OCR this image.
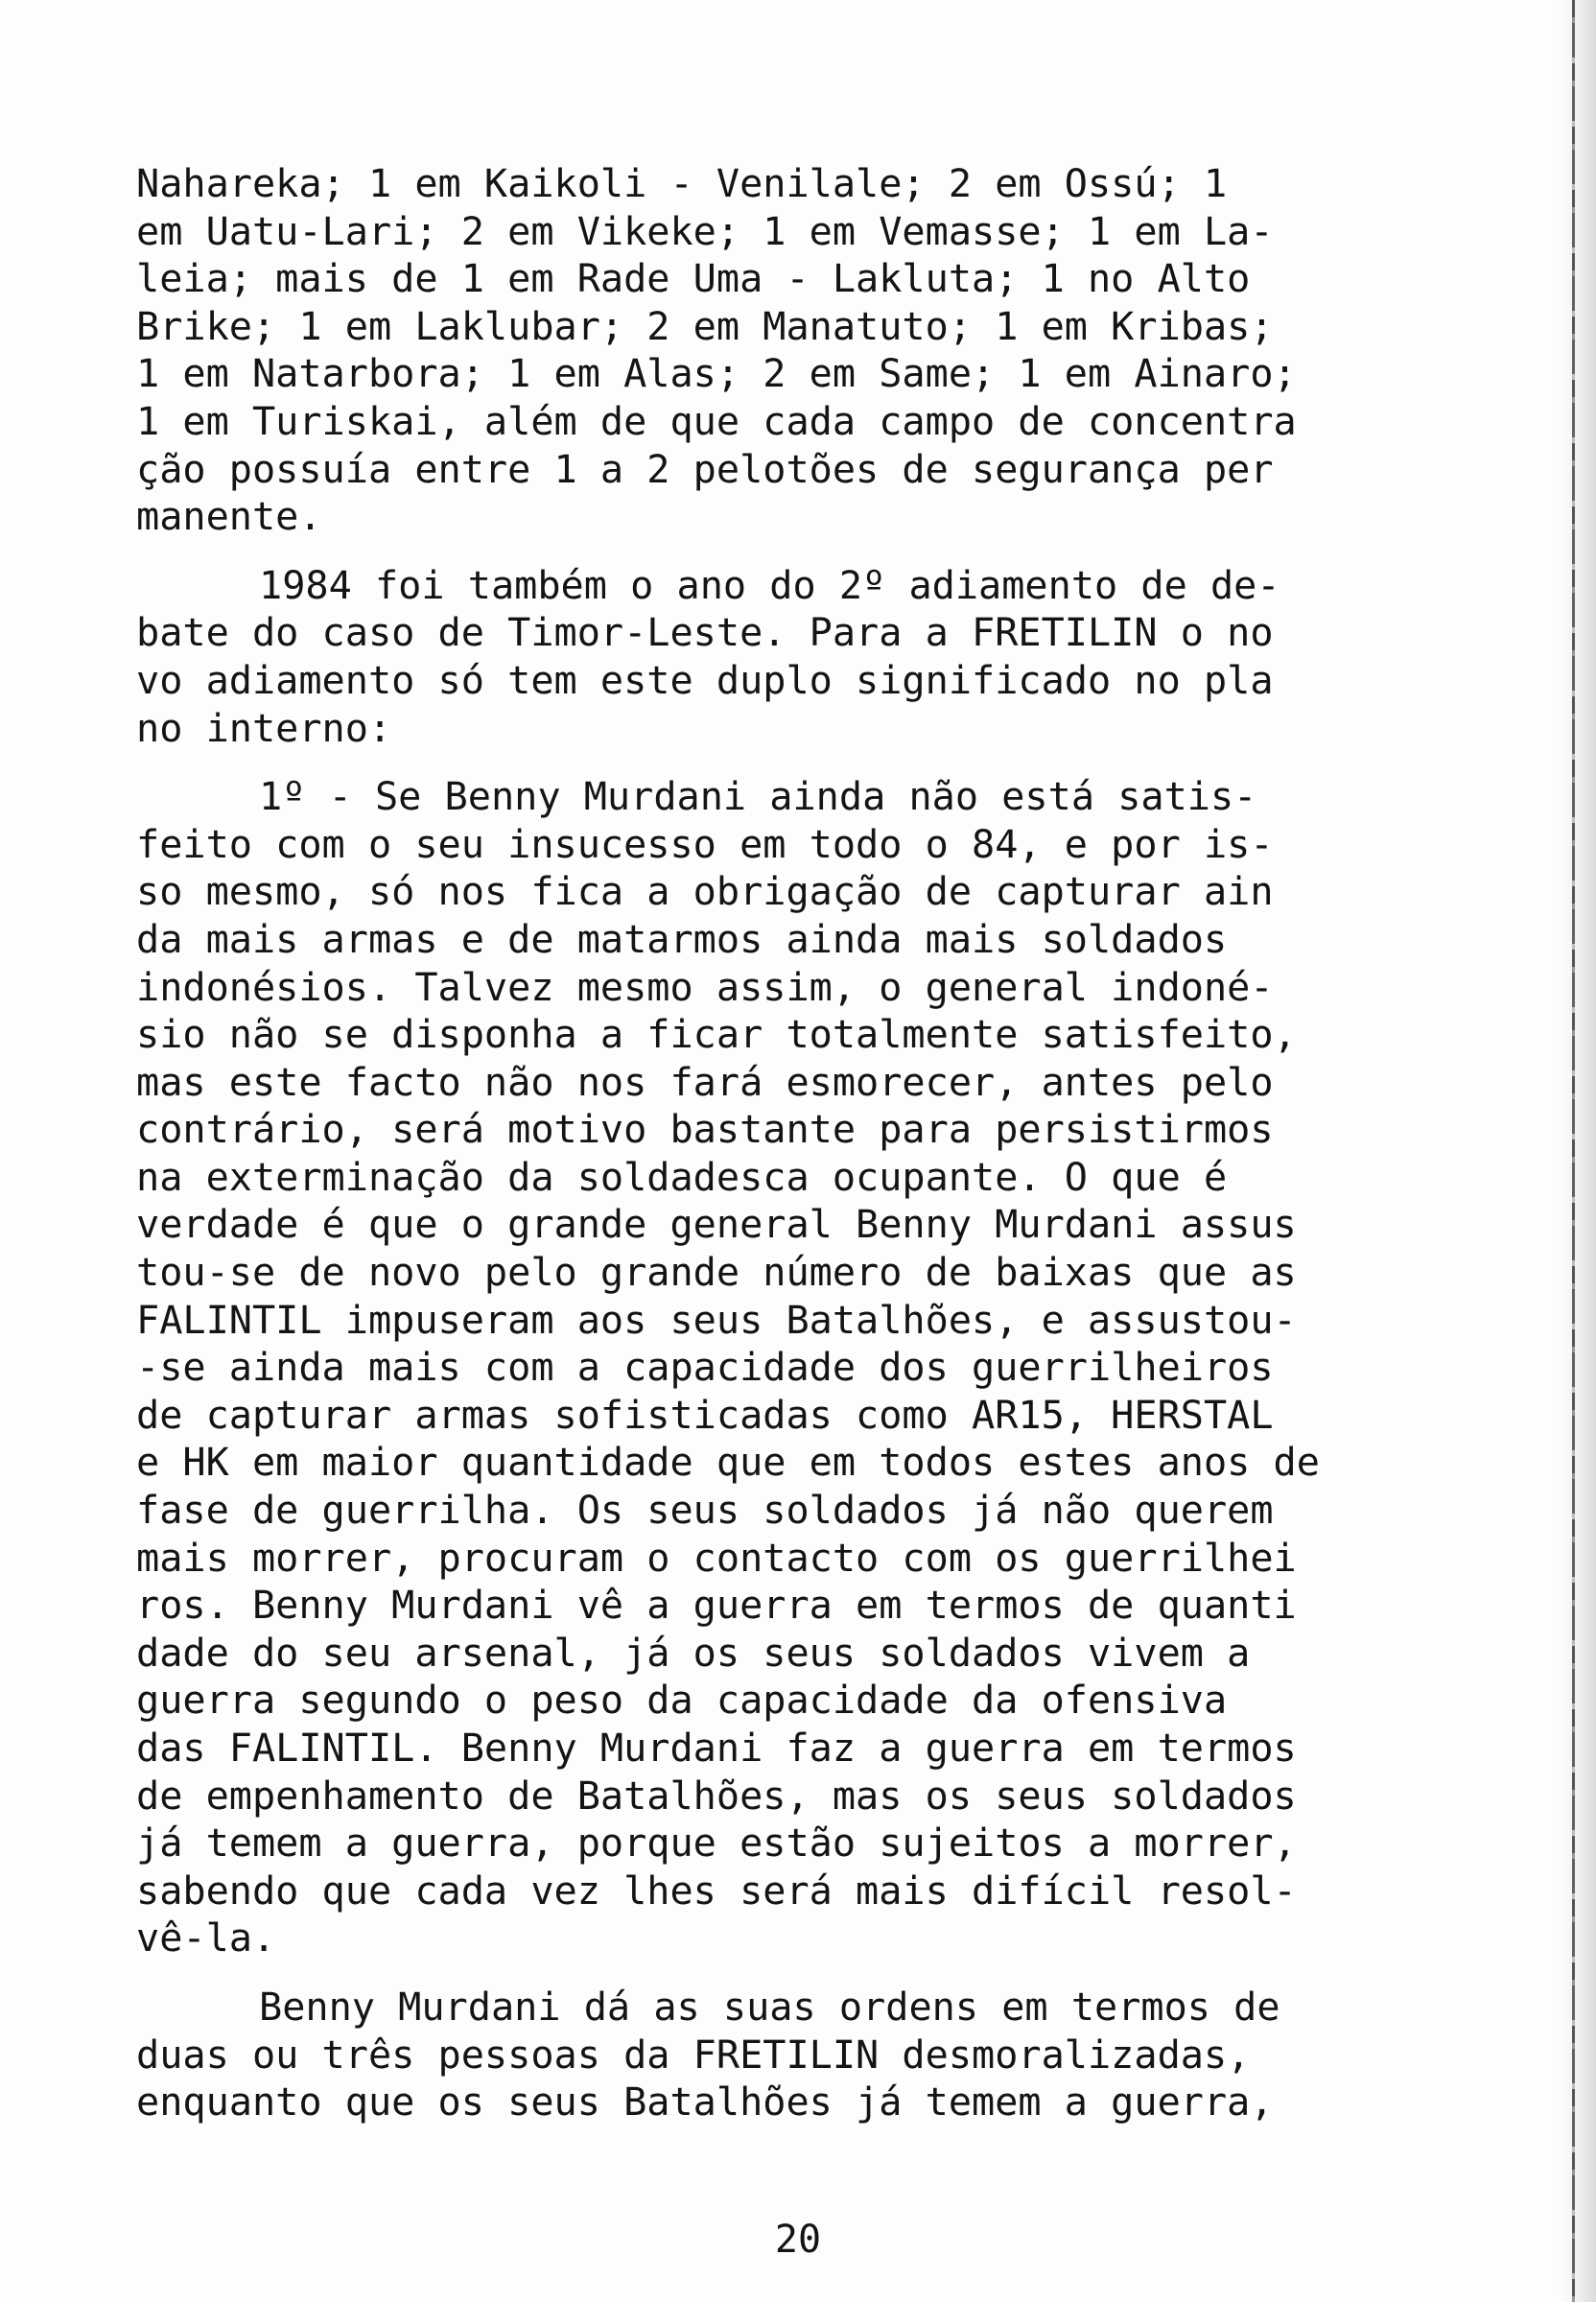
Nahareka; 1 em Kaikoli - Venilale; 2 em Ossú; 1
em Uatu-Lari; 2 em Vikeke; 1 em Vemasse; 1 em La-
leia; mais de 1 em Rade Uma - Lakluta; 1 no Alto
Brike; 1 em Laklubar; 2 em Manatuto; 1 em Kribas;
1 em Natarbora; 1 em Alas; 2 em Same; 1 em Ainaro;
1 em Turiskai, além de que cada campo de concentra
ção possuía entre 1 a 2 pelotões de segurança per
manente.

1984 foi também o ano do 2º adiamento de de-
bate do caso de Timor-Leste. Para a FRETILIN o no
vo adiamento só tem este duplo significado no pla
no interno:

1º - Se Benny Murdani ainda não está satis-
feito com o seu insucesso em todo o 84, e por is-
so mesmo, só nos fica a obrigação de capturar ain
da mais armas e de matarmos ainda mais soldados
indonésios. Talvez mesmo assim, o general indoné-
sio não se disponha a ficar totalmente satisfeito,
mas este facto não nos fará esmorecer, antes pelo
contrário, será motivo bastante para persistirmos
na exterminação da soldadesca ocupante. O que é
verdade é que o grande general Benny Murdani assus
tou-se de novo pelo grande número de baixas que as
FALINTIL impuseram aos seus Batalhões, e assustou-
-se ainda mais com a capacidade dos guerrilheiros
de capturar armas sofisticadas como AR15, HERSTAL
e HK em maior quantidade que em todos estes anos de
fase de guerrilha. Os seus soldados já não querem
mais morrer, procuram o contacto com os guerrilhei
ros. Benny Murdani vê a guerra em termos de quanti
dade do seu arsenal, já os seus soldados vivem a
guerra segundo o peso da capacidade da ofensiva
das FALINTIL. Benny Murdani faz a guerra em termos
de empenhamento de Batalhões, mas os seus soldados
já temem a guerra, porque estão sujeitos a morrer,
sabendo que cada vez lhes será mais difícil resol-
vê-la.

Benny Murdani dá as suas ordens em termos de
duas ou três pessoas da FRETILIN desmoralizadas,
enquanto que os seus Batalhões já temem a guerra,

20
